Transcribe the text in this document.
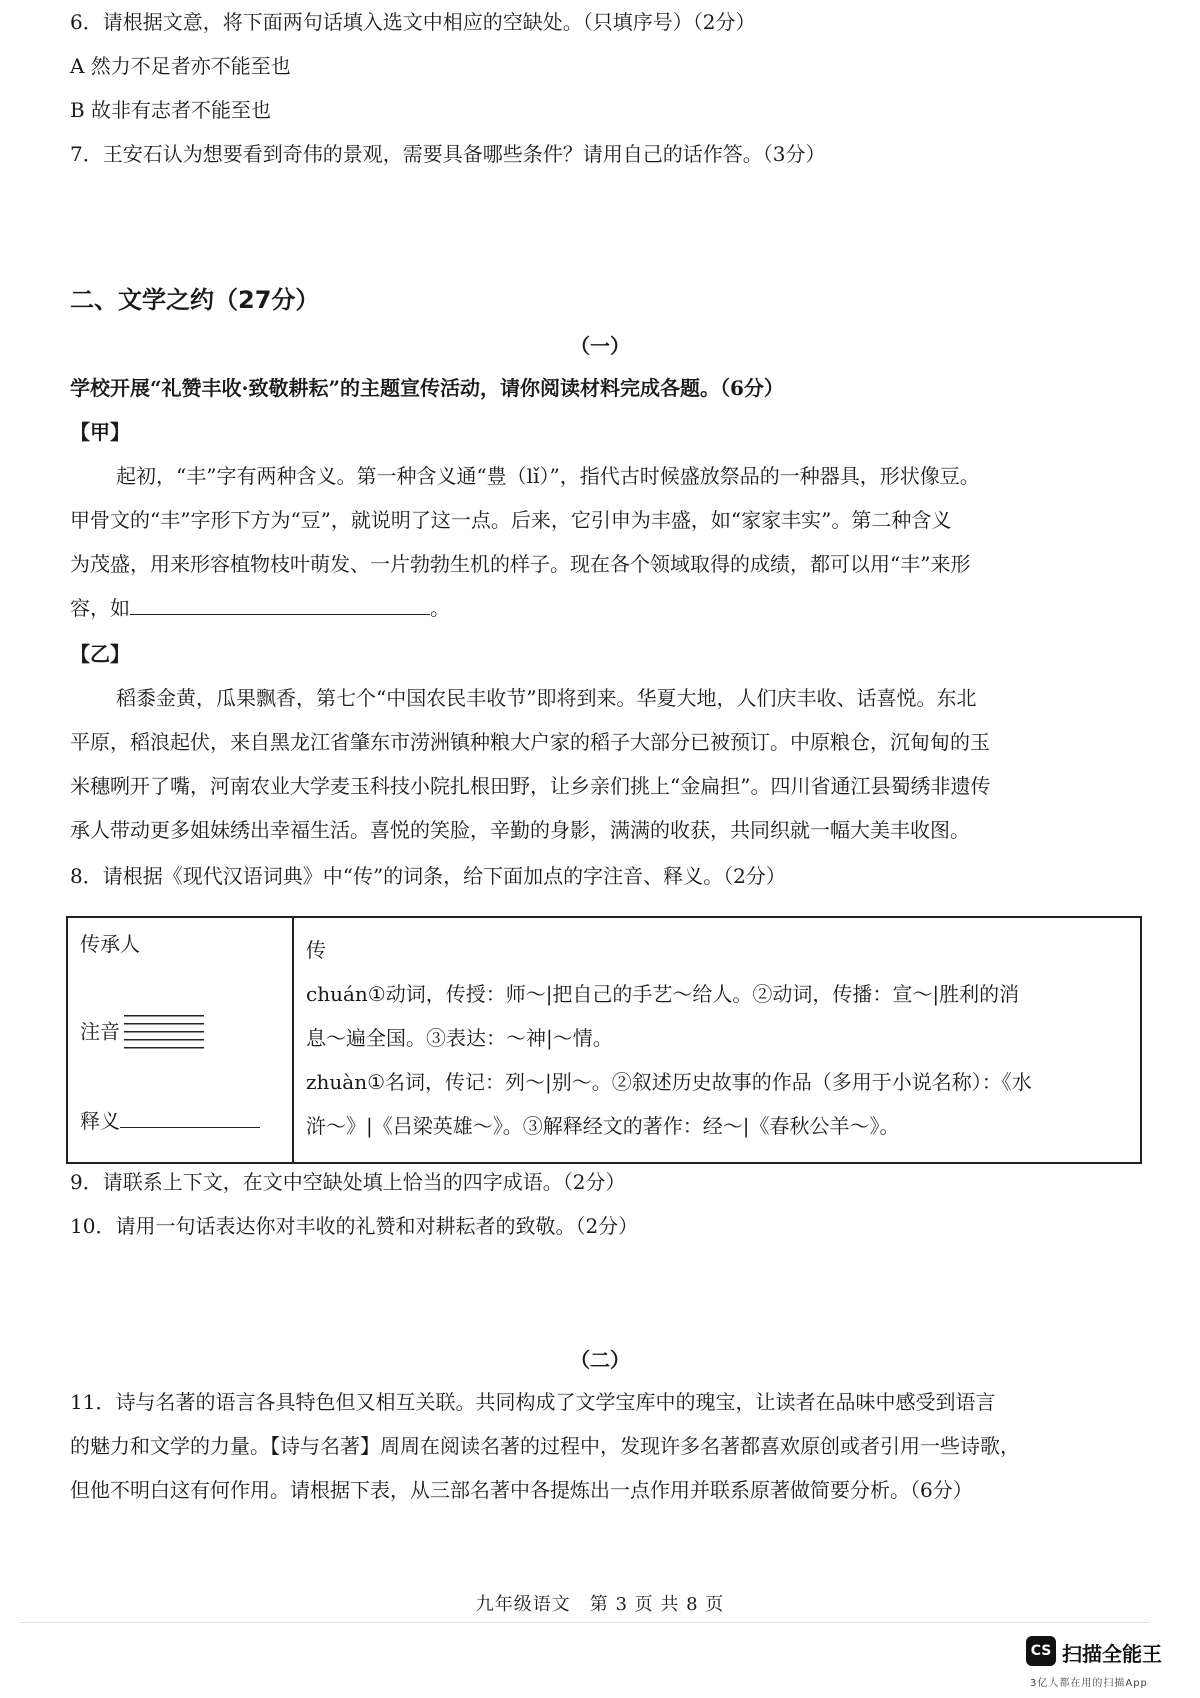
6．请根据文意，将下面两句话填入选文中相应的空缺处。（只填序号）（2分）
A 然力不足者亦不能至也
B 故非有志者不能至也
7．王安石认为想要看到奇伟的景观，需要具备哪些条件？请用自己的话作答。（3分）
二、文学之约（27分）
（一）
学校开展“礼赞丰收·致敬耕耘”的主题宣传活动，请你阅读材料完成各题。（6分）
【甲】
起初，“丰”字有两种含义。第一种含义通“豊（lǐ）”，指代古时候盛放祭品的一种器具，形状像豆。
甲骨文的“丰”字形下方为“豆”，就说明了这一点。后来，它引申为丰盛，如“家家丰实”。第二种含义
为茂盛，用来形容植物枝叶萌发、一片勃勃生机的样子。现在各个领域取得的成绩，都可以用“丰”来形
容，如	。
【乙】
稻黍金黄，瓜果飘香，第七个“中国农民丰收节”即将到来。华夏大地，人们庆丰收、话喜悦。东北
平原，稻浪起伏，来自黑龙江省肇东市涝洲镇种粮大户家的稻子大部分已被预订。中原粮仓，沉甸甸的玉
米穗咧开了嘴，河南农业大学麦玉科技小院扎根田野，让乡亲们挑上“金扁担”。四川省通江县蜀绣非遗传
承人带动更多姐妹绣出幸福生活。喜悦的笑脸，辛勤的身影，满满的收获，共同织就一幅大美丰收图。
8．请根据《现代汉语词典》中“传”的词条，给下面加点的字注音、释义。（2分）
传承人
注音
释义

传
chuán①动词，传授：师～|把自己的手艺～给人。②动词，传播：宣～|胜利的消
息～遍全国。③表达：～神|～情。
zhuàn①名词，传记：列～|别～。②叙述历史故事的作品（多用于小说名称）：《水
浒～》|《吕梁英雄～》。③解释经文的著作：经～|《春秋公羊～》。
9．请联系上下文，在文中空缺处填上恰当的四字成语。（2分）
10．请用一句话表达你对丰收的礼赞和对耕耘者的致敬。（2分）
（二）
11．诗与名著的语言各具特色但又相互关联。共同构成了文学宝库中的瑰宝，让读者在品味中感受到语言
的魅力和文学的力量。【诗与名著】周周在阅读名著的过程中，发现许多名著都喜欢原创或者引用一些诗歌，
但他不明白这有何作用。请根据下表，从三部名著中各提炼出一点作用并联系原著做简要分析。（6分）
九年级语文　第 3 页 共 8 页
CS 扫描全能王
3亿人都在用的扫描App
